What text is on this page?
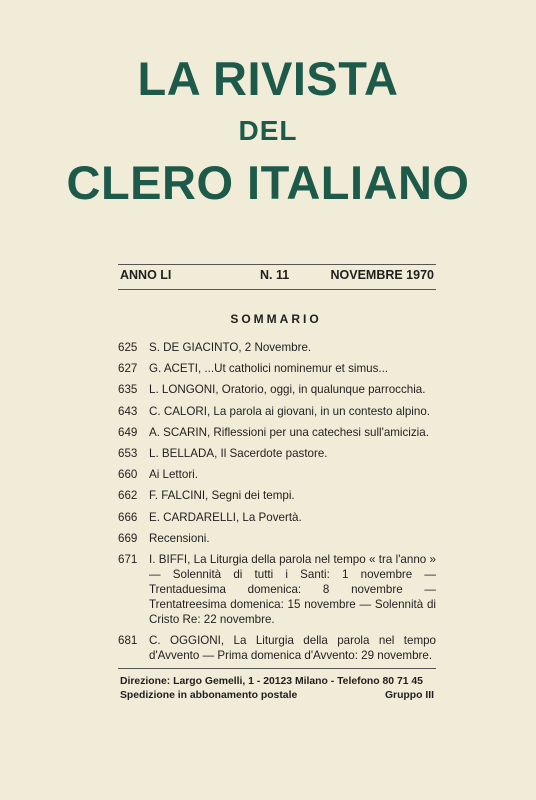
LA RIVISTA
DEL
CLERO ITALIANO
ANNO LI	N. 11	NOVEMBRE 1970
SOMMARIO
625	S. DE GIACINTO, 2 Novembre.
627	G. ACETI, ...Ut catholici nominemur et simus...
635	L. LONGONI, Oratorio, oggi, in qualunque parrocchia.
643	C. CALORI, La parola ai giovani, in un contesto alpino.
649	A. SCARIN, Riflessioni per una catechesi sull'amicizia.
653	L. BELLADA, Il Sacerdote pastore.
660	Ai Lettori.
662	F. FALCINI, Segni dei tempi.
666	E. CARDARELLI, La Povertà.
669	Recensioni.
671	I. BIFFI, La Liturgia della parola nel tempo « tra l'anno » — Solennità di tutti i Santi: 1 novembre — Trentaduesima domenica: 8 novembre — Trentatreesima domenica: 15 novembre — Solennità di Cristo Re: 22 novembre.
681	C. OGGIONI, La Liturgia della parola nel tempo d'Avvento — Prima domenica d'Avvento: 29 novembre.
Direzione: Largo Gemelli, 1 - 20123 Milano - Telefono 80 71 45
Spedizione in abbonamento postale	Gruppo III
